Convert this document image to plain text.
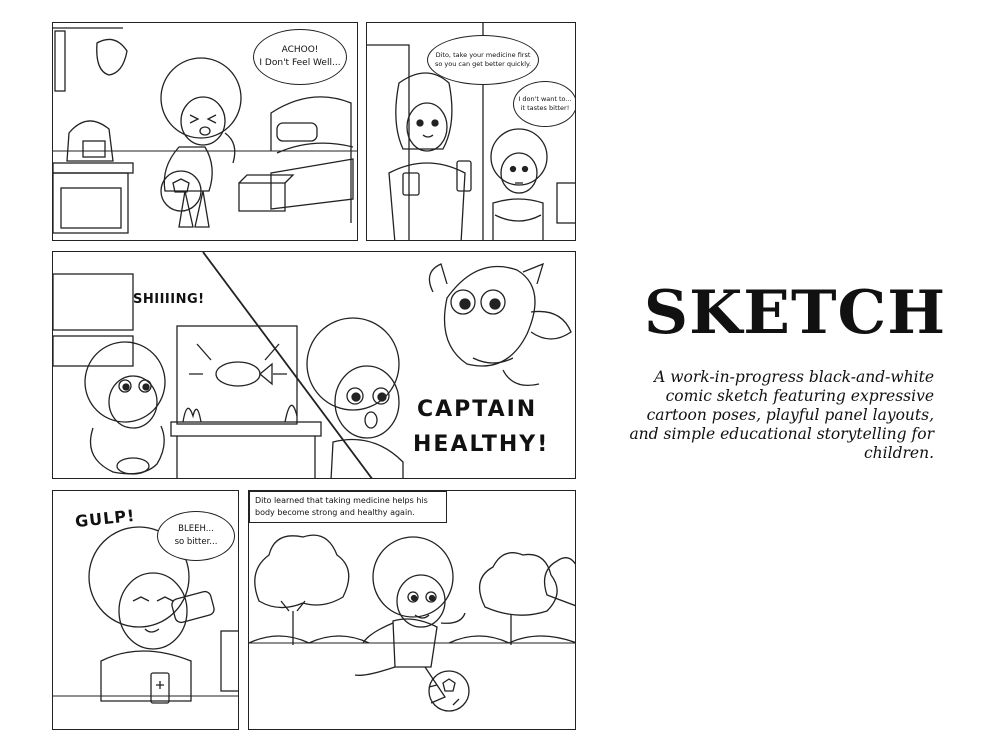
ACHOO!
I Don't Feel Well...
Dito, take your medicine first
so you can get better quickly.
I don't want to...
it tastes bitter!
SHIIIING!
CAPTAIN
HEALTHY!
GULP!	BLEEH...
so bitter...
Dito learned that taking medicine helps his body become strong and healthy again.
SKETCH
A work-in-progress black-and-white comic sketch featuring expressive cartoon poses, playful panel layouts, and simple educational storytelling for children.
